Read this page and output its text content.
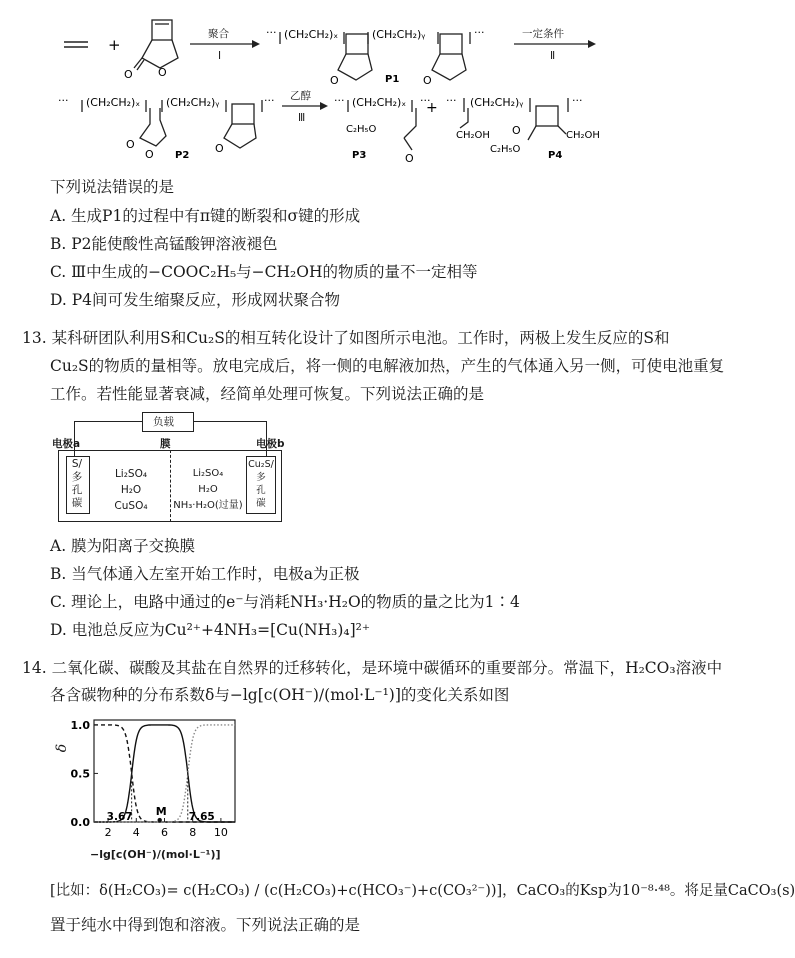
+
O O
··· (CH₂CH₂)ₓ	(CH₂CH₂)ᵧ	···
O	O
P1
··· (CH₂CH₂)ₓ (CH₂CH₂)ᵧ	···
O
O	O
P2
··· (CH₂CH₂)ₓ ···
C₂H₅O
O
P3
+ ··· (CH₂CH₂)ᵧ	···
CH₂OH O	CH₂OH
C₂H₅O
P4
聚合
Ⅰ
一定条件
Ⅱ
乙醇
Ⅲ
下列说法错误的是
A. 生成P1的过程中有π键的断裂和σ键的形成
B. P2能使酸性高锰酸钾溶液褪色
C. Ⅲ中生成的−COOC₂H₅与−CH₂OH的物质的量不一定相等
D. P4间可发生缩聚反应，形成网状聚合物
13. 某科研团队利用S和Cu₂S的相互转化设计了如图所示电池。工作时，两极上发生反应的S和
Cu₂S的物质的量相等。放电完成后，将一侧的电解液加热，产生的气体通入另一侧，可使电池重复
工作。若性能显著衰减，经简单处理可恢复。下列说法正确的是
负载
电极a	膜	电极b
S/
多
孔
碳
Cu₂S/
多
孔
碳
Li₂SO₄
H₂O
CuSO₄
Li₂SO₄
H₂O
NH₃·H₂O(过量)
A. 膜为阳离子交换膜
B. 当气体通入左室开始工作时，电极a为正极
C. 理论上，电路中通过的e⁻与消耗NH₃·H₂O的物质的量之比为1∶4
D. 电池总反应为Cu²⁺+4NH₃=[Cu(NH₃)₄]²⁺
14. 二氧化碳、碳酸及其盐在自然界的迁移转化，是环境中碳循环的重要部分。常温下，H₂CO₃溶液中
各含碳物种的分布系数δ与−lg[c(OH⁻)/(mol·L⁻¹)]的变化关系如图
2 4 6 8 10
0.0
0.5
1.0
M
3.67	7.65
δ
−lg[c(OH⁻)/(mol·L⁻¹)]
[比如：δ(H₂CO₃)= c(H₂CO₃) / (c(H₂CO₃)+c(HCO₃⁻)+c(CO₃²⁻))]，CaCO₃的Ksp为10⁻⁸·⁴⁸。将足量CaCO₃(s)
置于纯水中得到饱和溶液。下列说法正确的是
